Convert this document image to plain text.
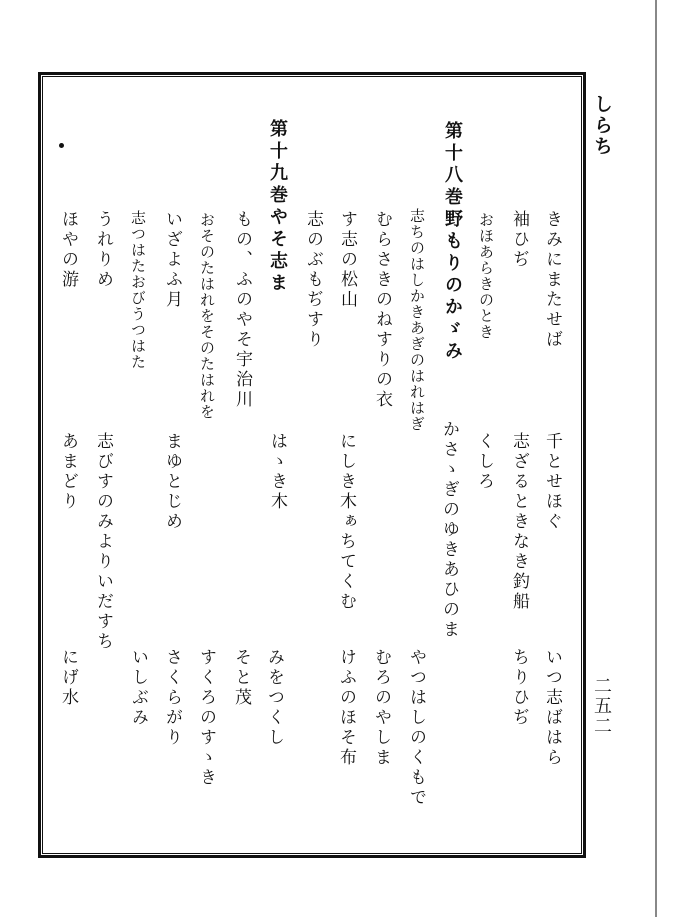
しらち
二五二
第十八巻野もりのかゞみ
第十九巻やそ志ま	きみにまたせば
袖ひぢ
おほあらきのとき
志ちのはしかきあぎのはれはぎ
むらさきのねすりの衣
す志の松山
志のぶもぢすり
もの、ふのやそ宇治川
おそのたはれをそのたはれを
いざよふ月
志つはたおびうつはた
うれりめ
ほやの游
千とせほぐ
志ざるときなき釣船
くしろ
かさゝぎのゆきあひのま
にしき木ぁちてくむ
はゝき木
まゆとじめ
志びすのみよりいだすち
あまどり
いつ志ばはら
ちりひぢ
やつはしのくもで
むろのやしま
けふのほそ布
みをつくし
そと茂
すくろのすゝき
さくらがり
いしぶみ
にげ水
